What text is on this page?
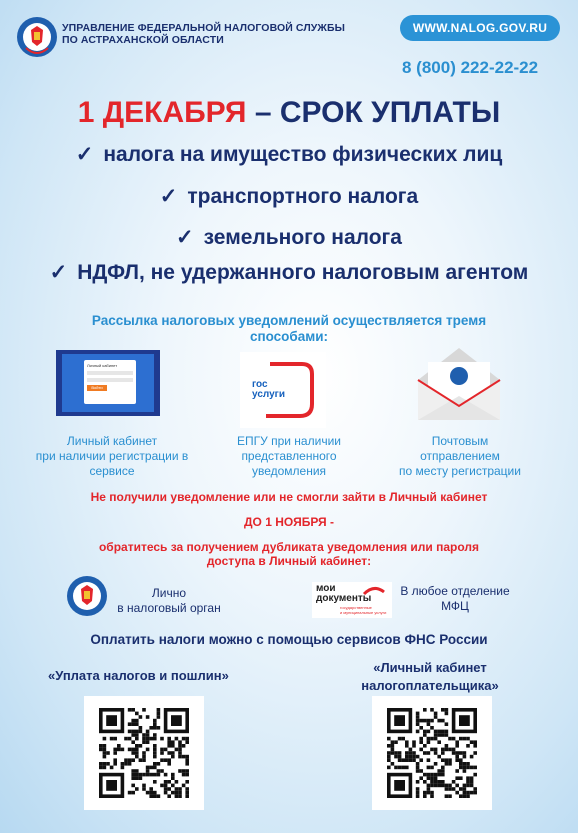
УПРАВЛЕНИЕ ФЕДЕРАЛЬНОЙ НАЛОГОВОЙ СЛУЖБЫ
ПО АСТРАХАНСКОЙ ОБЛАСТИ
WWW.NALOG.GOV.RU
8 (800) 222-22-22
1 ДЕКАБРЯ – СРОК УПЛАТЫ
✓ налога на имущество физических лиц
✓ транспортного налога
✓ земельного налога
✓ НДФЛ, не удержанного налоговым агентом
Рассылка налоговых уведомлений осуществляется тремя
способами:
Личный кабинет
Войти	гос
услуги
Личный кабинет
при наличии регистрации в
сервисе
ЕПГУ при наличии
представленного
уведомления
Почтовым
отправлением
по месту регистрации
Не получили уведомление или не смогли зайти в Личный кабинет
ДО 1 НОЯБРЯ -
обратитесь за получением дубликата уведомления или пароля
доступа в Личный кабинет:
Лично
в налоговый орган
мои
документы
государственные
и муниципальные услуги
В любое отделение
МФЦ
Оплатить налоги можно с помощью сервисов ФНС России
«Уплата налогов и пошлин»
«Личный кабинет
налогоплательщика»
